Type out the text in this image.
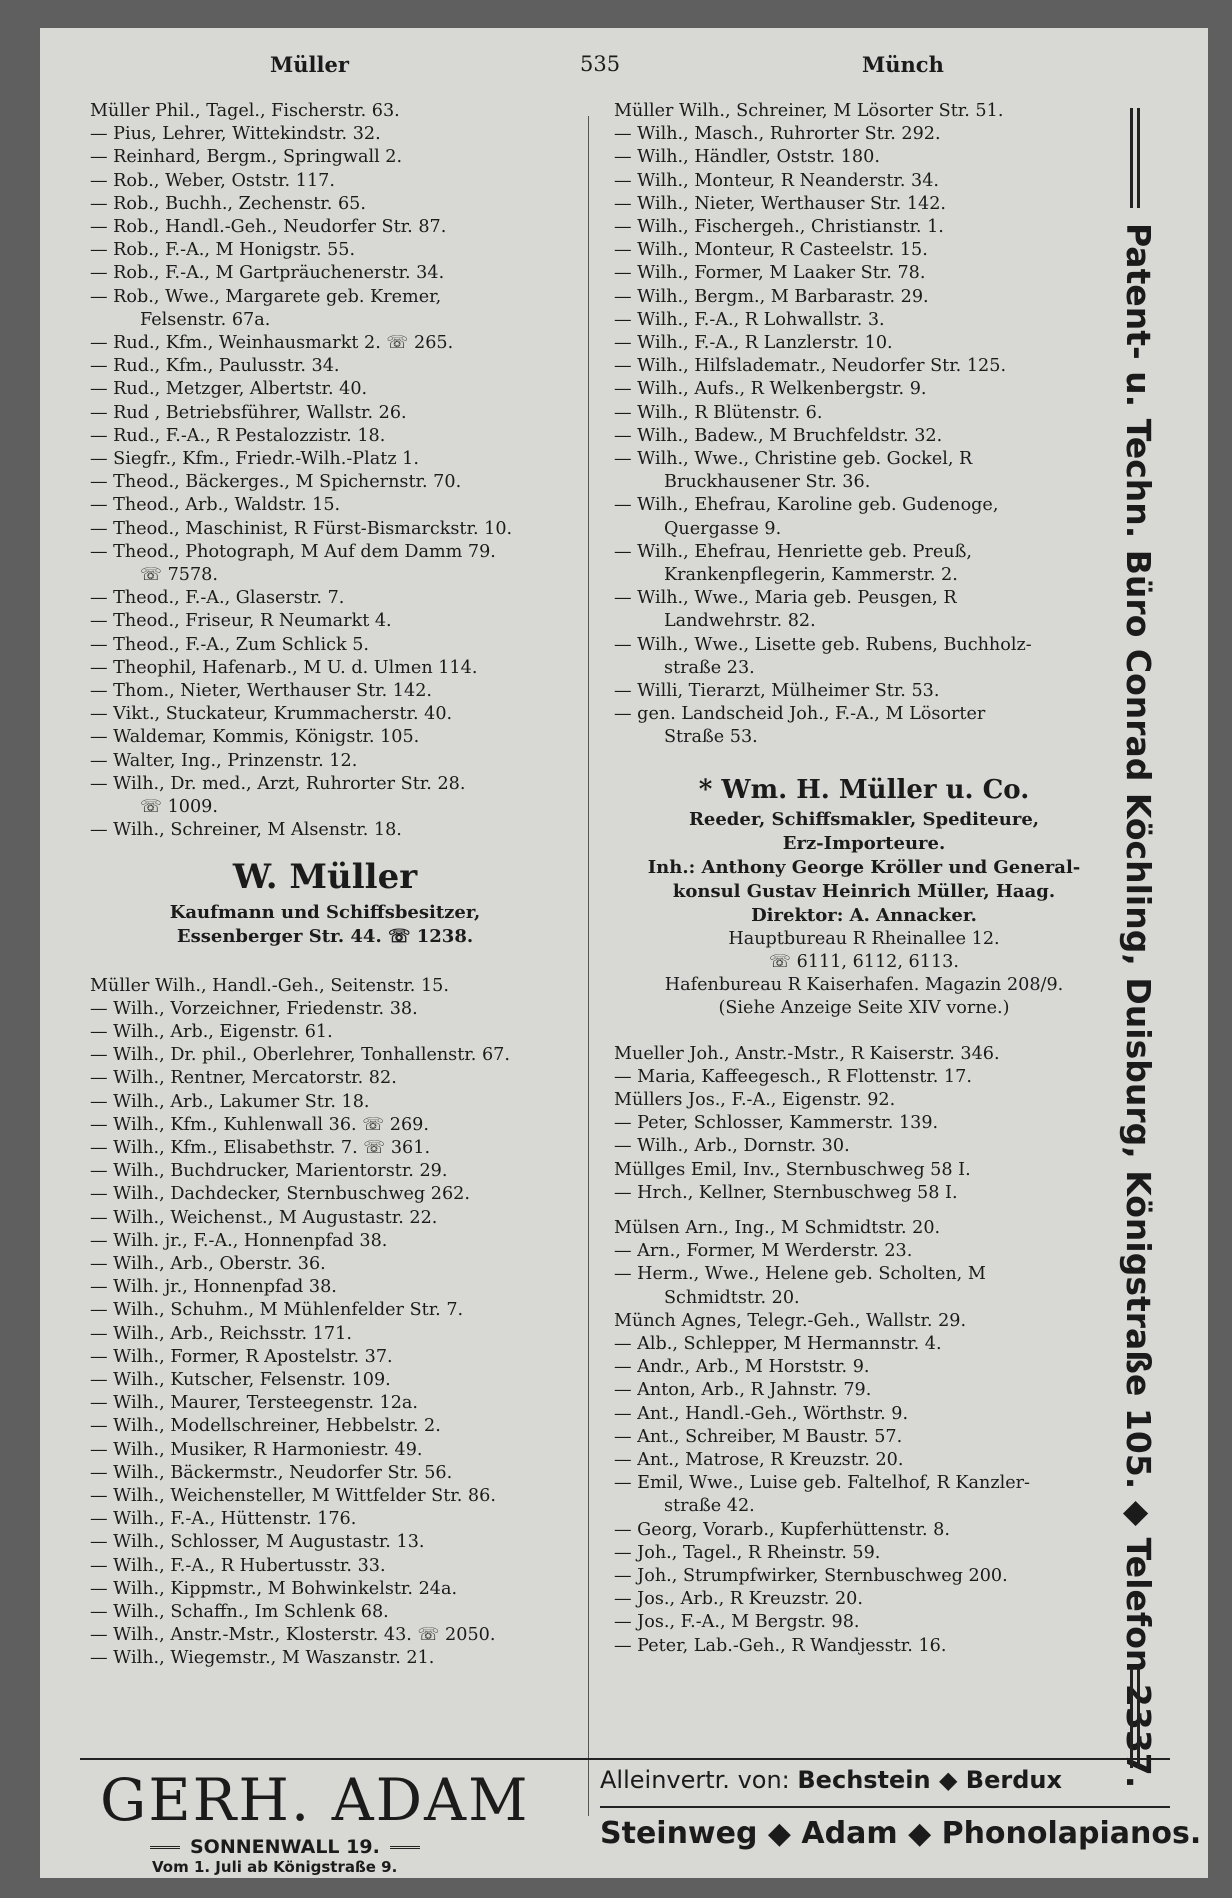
Müller	535	Münch
Müller Phil., Tagel., Fischerstr. 63.
— Pius, Lehrer, Wittekindstr. 32.
— Reinhard, Bergm., Springwall 2.
— Rob., Weber, Oststr. 117.
— Rob., Buchh., Zechenstr. 65.
— Rob., Handl.-Geh., Neudorfer Str. 87.
— Rob., F.-A., M Honigstr. 55.
— Rob., F.-A., M Gartpräuchenerstr. 34.
— Rob., Wwe., Margarete geb. Kremer,
Felsenstr. 67a.
— Rud., Kfm., Weinhausmarkt 2. ☏ 265.
— Rud., Kfm., Paulusstr. 34.
— Rud., Metzger, Albertstr. 40.
— Rud , Betriebsführer, Wallstr. 26.
— Rud., F.-A., R Pestalozzistr. 18.
— Siegfr., Kfm., Friedr.-Wilh.-Platz 1.
— Theod., Bäckerges., M Spichernstr. 70.
— Theod., Arb., Waldstr. 15.
— Theod., Maschinist, R Fürst-Bismarckstr. 10.
— Theod., Photograph, M Auf dem Damm 79.
☏ 7578.
— Theod., F.-A., Glaserstr. 7.
— Theod., Friseur, R Neumarkt 4.
— Theod., F.-A., Zum Schlick 5.
— Theophil, Hafenarb., M U. d. Ulmen 114.
— Thom., Nieter, Werthauser Str. 142.
— Vikt., Stuckateur, Krummacherstr. 40.
— Waldemar, Kommis, Königstr. 105.
— Walter, Ing., Prinzenstr. 12.
— Wilh., Dr. med., Arzt, Ruhrorter Str. 28.
☏ 1009.
— Wilh., Schreiner, M Alsenstr. 18.
W. Müller
Kaufmann und Schiffsbesitzer,
Essenberger Str. 44. ☏ 1238.
Müller Wilh., Handl.-Geh., Seitenstr. 15.
— Wilh., Vorzeichner, Friedenstr. 38.
— Wilh., Arb., Eigenstr. 61.
— Wilh., Dr. phil., Oberlehrer, Tonhallenstr. 67.
— Wilh., Rentner, Mercatorstr. 82.
— Wilh., Arb., Lakumer Str. 18.
— Wilh., Kfm., Kuhlenwall 36. ☏ 269.
— Wilh., Kfm., Elisabethstr. 7. ☏ 361.
— Wilh., Buchdrucker, Marientorstr. 29.
— Wilh., Dachdecker, Sternbuschweg 262.
— Wilh., Weichenst., M Augustastr. 22.
— Wilh. jr., F.-A., Honnenpfad 38.
— Wilh., Arb., Oberstr. 36.
— Wilh. jr., Honnenpfad 38.
— Wilh., Schuhm., M Mühlenfelder Str. 7.
— Wilh., Arb., Reichsstr. 171.
— Wilh., Former, R Apostelstr. 37.
— Wilh., Kutscher, Felsenstr. 109.
— Wilh., Maurer, Tersteegenstr. 12a.
— Wilh., Modellschreiner, Hebbelstr. 2.
— Wilh., Musiker, R Harmoniestr. 49.
— Wilh., Bäckermstr., Neudorfer Str. 56.
— Wilh., Weichensteller, M Wittfelder Str. 86.
— Wilh., F.-A., Hüttenstr. 176.
— Wilh., Schlosser, M Augustastr. 13.
— Wilh., F.-A., R Hubertusstr. 33.
— Wilh., Kippmstr., M Bohwinkelstr. 24a.
— Wilh., Schaffn., Im Schlenk 68.
— Wilh., Anstr.-Mstr., Klosterstr. 43. ☏ 2050.
— Wilh., Wiegemstr., M Waszanstr. 21.
Müller Wilh., Schreiner, M Lösorter Str. 51.
— Wilh., Masch., Ruhrorter Str. 292.
— Wilh., Händler, Oststr. 180.
— Wilh., Monteur, R Neanderstr. 34.
— Wilh., Nieter, Werthauser Str. 142.
— Wilh., Fischergeh., Christianstr. 1.
— Wilh., Monteur, R Casteelstr. 15.
— Wilh., Former, M Laaker Str. 78.
— Wilh., Bergm., M Barbarastr. 29.
— Wilh., F.-A., R Lohwallstr. 3.
— Wilh., F.-A., R Lanzlerstr. 10.
— Wilh., Hilfsladematr., Neudorfer Str. 125.
— Wilh., Aufs., R Welkenbergstr. 9.
— Wilh., R Blütenstr. 6.
— Wilh., Badew., M Bruchfeldstr. 32.
— Wilh., Wwe., Christine geb. Gockel, R
Bruckhausener Str. 36.
— Wilh., Ehefrau, Karoline geb. Gudenoge,
Quergasse 9.
— Wilh., Ehefrau, Henriette geb. Preuß,
Krankenpflegerin, Kammerstr. 2.
— Wilh., Wwe., Maria geb. Peusgen, R
Landwehrstr. 82.
— Wilh., Wwe., Lisette geb. Rubens, Buchholz-
straße 23.
— Willi, Tierarzt, Mülheimer Str. 53.
— gen. Landscheid Joh., F.-A., M Lösorter
Straße 53.
* Wm. H. Müller u. Co.
Reeder, Schiffsmakler, Spediteure,
Erz-Importeure.
Inh.: Anthony George Kröller und General-
konsul Gustav Heinrich Müller, Haag.
Direktor: A. Annacker.
Hauptbureau R Rheinallee 12.
☏ 6111, 6112, 6113.
Hafenbureau R Kaiserhafen. Magazin 208/9.
(Siehe Anzeige Seite XIV vorne.)
Mueller Joh., Anstr.-Mstr., R Kaiserstr. 346.
— Maria, Kaffeegesch., R Flottenstr. 17.
Müllers Jos., F.-A., Eigenstr. 92.
— Peter, Schlosser, Kammerstr. 139.
— Wilh., Arb., Dornstr. 30.
Müllges Emil, Inv., Sternbuschweg 58 I.
— Hrch., Kellner, Sternbuschweg 58 I.
Mülsen Arn., Ing., M Schmidtstr. 20.
— Arn., Former, M Werderstr. 23.
— Herm., Wwe., Helene geb. Scholten, M
Schmidtstr. 20.
Münch Agnes, Telegr.-Geh., Wallstr. 29.
— Alb., Schlepper, M Hermannstr. 4.
— Andr., Arb., M Horststr. 9.
— Anton, Arb., R Jahnstr. 79.
— Ant., Handl.-Geh., Wörthstr. 9.
— Ant., Schreiber, M Baustr. 57.
— Ant., Matrose, R Kreuzstr. 20.
— Emil, Wwe., Luise geb. Faltelhof, R Kanzler-
straße 42.
— Georg, Vorarb., Kupferhüttenstr. 8.
— Joh., Tagel., R Rheinstr. 59.
— Joh., Strumpfwirker, Sternbuschweg 200.
— Jos., Arb., R Kreuzstr. 20.
— Jos., F.-A., M Bergstr. 98.
— Peter, Lab.-Geh., R Wandjesstr. 16.	Patent- u. Techn. Büro Conrad Köchling, Duisburg, Königstraße 105. ◆ Telefon 2337.
GERH. ADAM
SONNENWALL 19.
Vom 1. Juli ab Königstraße 9.
Alleinvertr. von: Bechstein ◆ Berdux
Steinweg ◆ Adam ◆ Phonolapianos.
